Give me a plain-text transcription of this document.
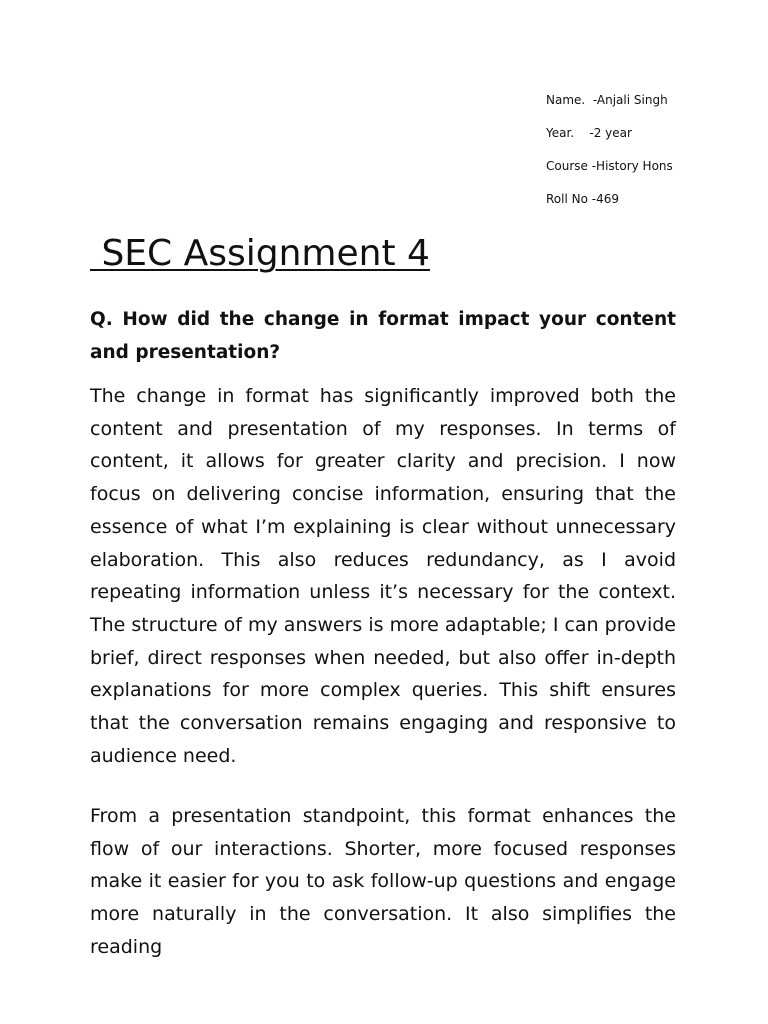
Name.  -Anjali Singh
Year.    -2 year
Course -History Hons
Roll No -469
SEC Assignment 4

Q. How did the change in format impact your content and presentation?

The change in format has significantly improved both the content and presentation of my responses. In terms of content, it allows for greater clarity and precision. I now focus on delivering concise information, ensuring that the essence of what I’m explaining is clear without unnecessary elaboration. This also reduces redundancy, as I avoid repeating information unless it’s necessary for the context. The structure of my answers is more adaptable; I can provide brief, direct responses when needed, but also offer in-depth explanations for more complex queries. This shift ensures that the conversation remains engaging and responsive to audience need.

From a presentation standpoint, this format enhances the flow of our interactions. Shorter, more focused responses make it easier for you to ask follow-up questions and engage more naturally in the conversation. It also simplifies the reading
